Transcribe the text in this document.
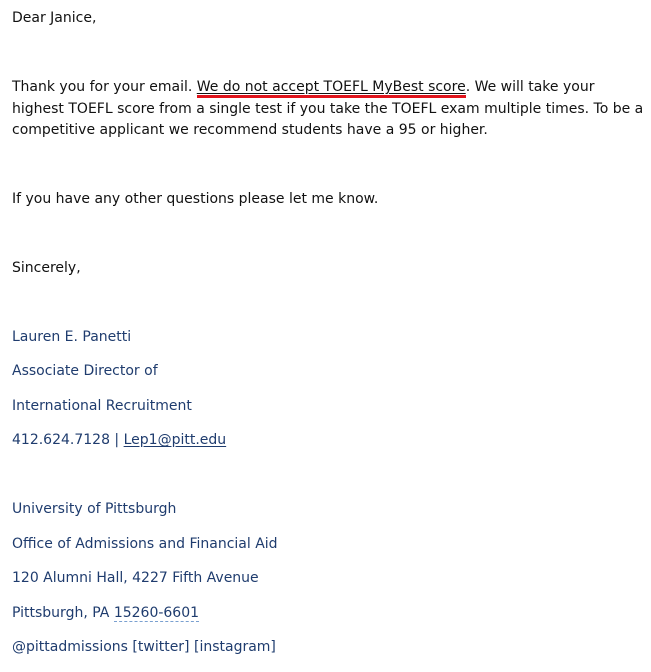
Dear Janice,
Thank you for your email. We do not accept TOEFL MyBest score. We will take your highest TOEFL score from a single test if you take the TOEFL exam multiple times. To be a competitive applicant we recommend students have a 95 or higher.
If you have any other questions please let me know.
Sincerely,
Lauren E. Panetti
Associate Director of
International Recruitment
412.624.7128 | Lep1@pitt.edu
University of Pittsburgh
Office of Admissions and Financial Aid
120 Alumni Hall, 4227 Fifth Avenue
Pittsburgh, PA 15260-6601
@pittadmissions [twitter] [instagram]
